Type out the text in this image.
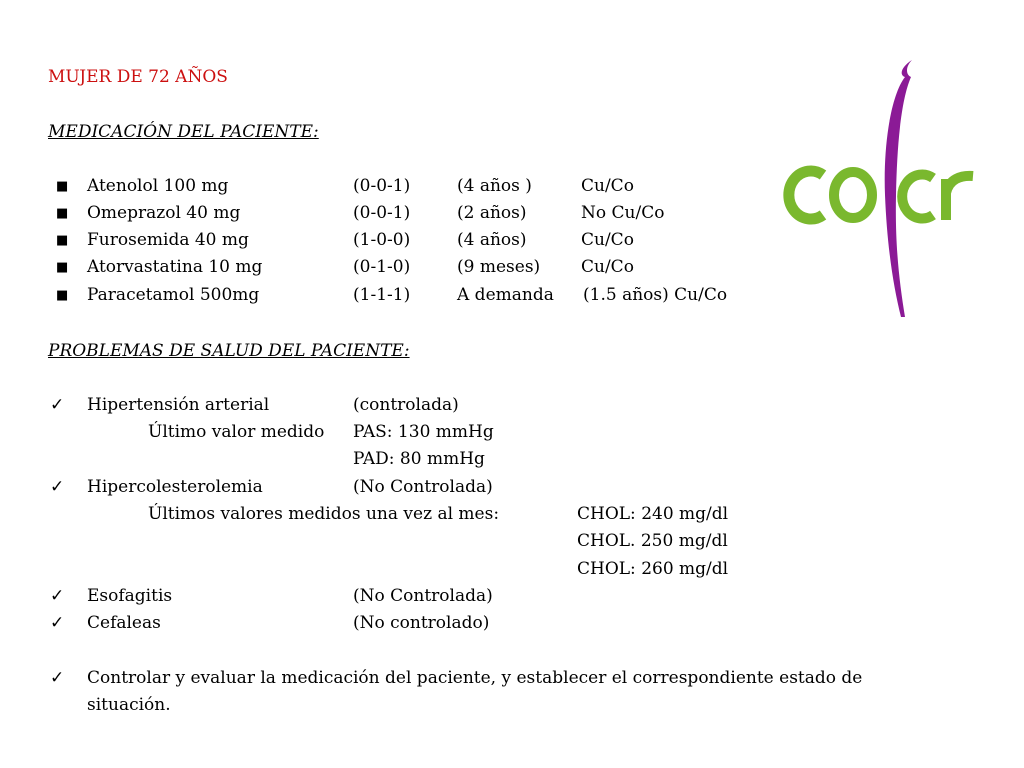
MUJER DE 72 AÑOS
MEDICACIÓN DEL PACIENTE:
■ Atenolol 100 mg	(0-0-1)	(4 años )	Cu/Co
■ Omeprazol 40 mg	(0-0-1)	(2 años)	No Cu/Co
■ Furosemida 40 mg	(1-0-0)	(4 años)	Cu/Co
■ Atorvastatina 10 mg	(0-1-0)	(9 meses) Cu/Co
■ Paracetamol 500mg	(1-1-1)	A demanda (1.5 años) Cu/Co
PROBLEMAS DE SALUD DEL PACIENTE:
✓ Hipertensión arterial	(controlada)
Último valor medido PAS: 130 mmHg
PAD: 80 mmHg
✓ Hipercolesterolemia	(No Controlada)
Últimos valores medidos una vez al mes:	CHOL: 240 mg/dl
CHOL. 250 mg/dl
CHOL: 260 mg/dl
✓ Esofagitis	(No Controlada)
✓ Cefaleas	(No controlado)
✓ Controlar y evaluar la medicación del paciente, y establecer el correspondiente estado de
situación.
